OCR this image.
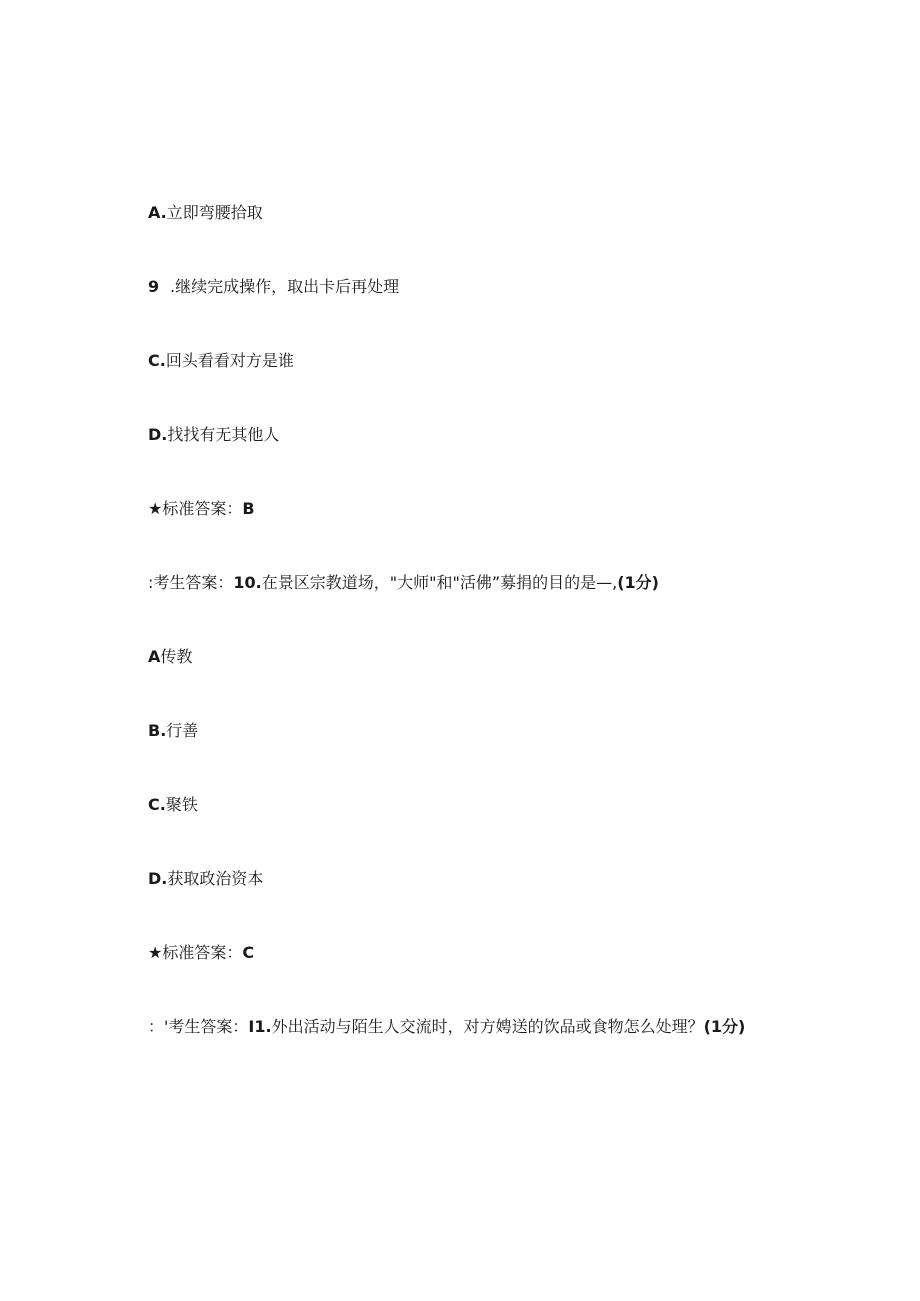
A.立即弯腰拾取
9 .继续完成操作，取出卡后再处理
C.回头看看对方是谁
D.找找有无其他人
★标准答案：B
:考生答案：10.在景区宗教道场，"大师"和"活佛”募捐的目的是—,(1分)
A传教
B.行善
C.聚铁
D.获取政治资本
★标准答案：C
：'考生答案：I1.外出活动与陌生人交流时，对方娉送的饮品或食物怎么处理？(1分)
